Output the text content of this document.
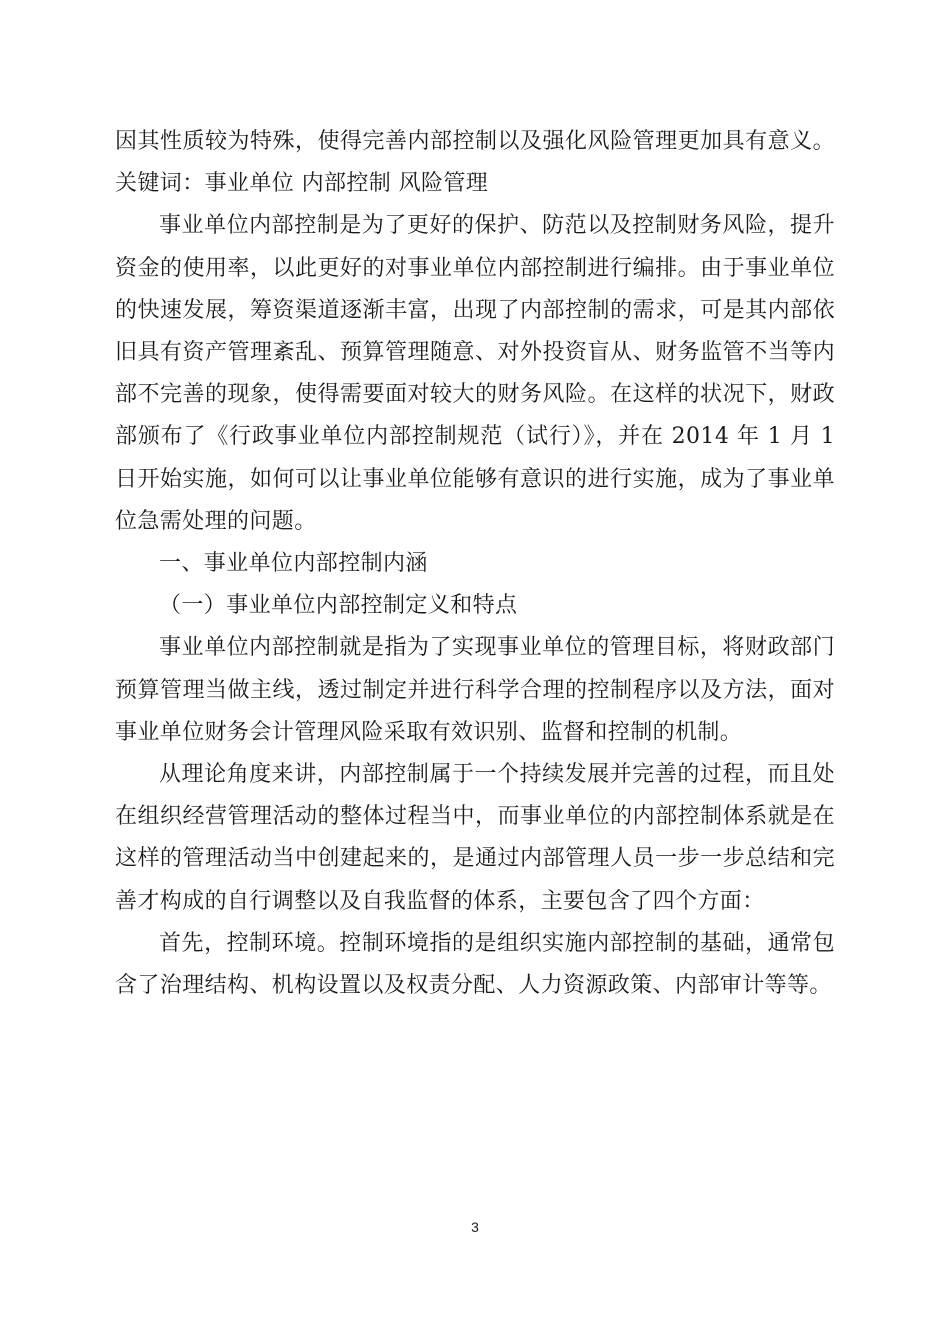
因其性质较为特殊，使得完善内部控制以及强化风险管理更加具有意义。 关键词：事业单位 内部控制 风险管理

事业单位内部控制是为了更好的保护、防范以及控制财务风险，提升资金的使用率，以此更好的对事业单位内部控制进行编排。由于事业单位的快速发展，筹资渠道逐渐丰富，出现了内部控制的需求，可是其内部依旧具有资产管理紊乱、预算管理随意、对外投资盲从、财务监管不当等内部不完善的现象，使得需要面对较大的财务风险。在这样的状况下，财政部颁布了《行政事业单位内部控制规范（试行）》，并在 2014 年 1 月 1 日开始实施，如何可以让事业单位能够有意识的进行实施，成为了事业单位急需处理的问题。

一、事业单位内部控制内涵

（一）事业单位内部控制定义和特点

事业单位内部控制就是指为了实现事业单位的管理目标，将财政部门预算管理当做主线，透过制定并进行科学合理的控制程序以及方法，面对事业单位财务会计管理风险采取有效识别、监督和控制的机制。

从理论角度来讲，内部控制属于一个持续发展并完善的过程，而且处在组织经营管理活动的整体过程当中，而事业单位的内部控制体系就是在这样的管理活动当中创建起来的，是通过内部管理人员一步一步总结和完善才构成的自行调整以及自我监督的体系，主要包含了四个方面：

首先，控制环境。控制环境指的是组织实施内部控制的基础，通常包含了治理结构、机构设置以及权责分配、人力资源政策、内部审计等等。

3
